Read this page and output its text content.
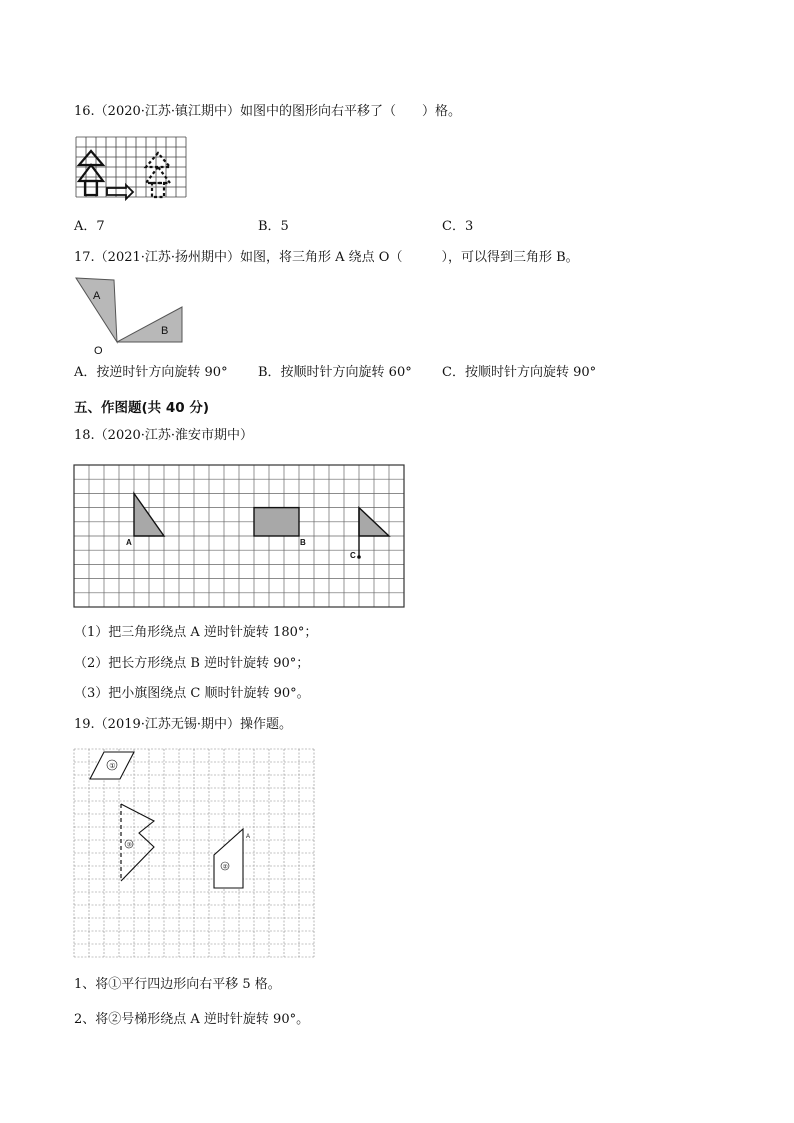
16.（2020·江苏·镇江期中）如图中的图形向右平移了（　　）格。
A．7	B．5	C．3
17.（2021·江苏·扬州期中）如图，将三角形 A 绕点 O（　　　），可以得到三角形 B。
A
B
O
A．按逆时针方向旋转 90° B．按顺时针方向旋转 60° C．按顺时针方向旋转 90°
五、作图题(共 40 分)
18.（2020·江苏·淮安市期中）
A	B
C
（1）把三角形绕点 A 逆时针旋转 180°；
（2）把长方形绕点 B 逆时针旋转 90°；
（3）把小旗图绕点 C 顺时针旋转 90°。
19.（2019·江苏无锡·期中）操作题。
①
③
②
A
1、将①平行四边形向右平移 5 格。
2、将②号梯形绕点 A 逆时针旋转 90°。
